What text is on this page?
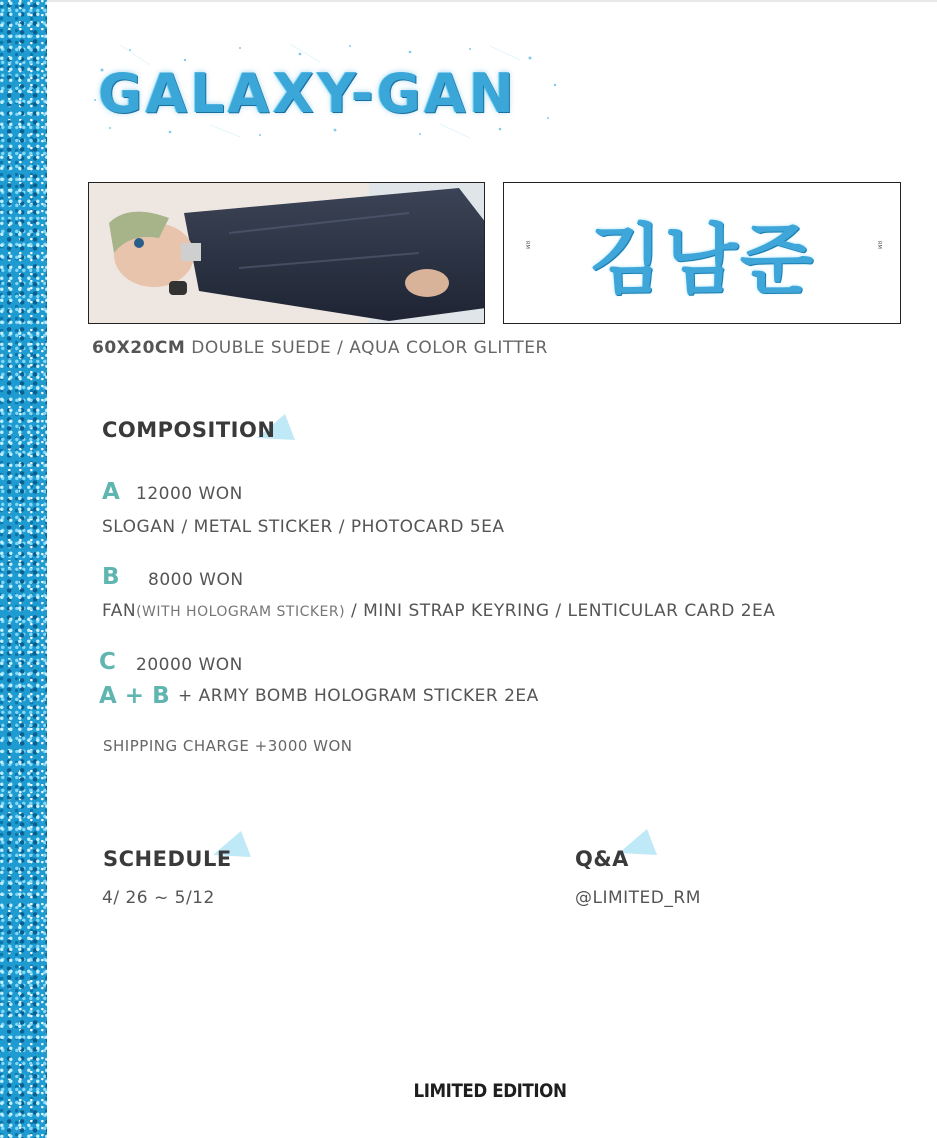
GALAXY-GAN
RM 김남준	RM
60X20CM DOUBLE SUEDE / AQUA COLOR GLITTER
COMPOSITION
A 12000 WON
SLOGAN / METAL STICKER / PHOTOCARD 5EA
B 8000 WON
FAN(WITH HOLOGRAM STICKER) / MINI STRAP KEYRING / LENTICULAR CARD 2EA
C 20000 WON
A + B + ARMY BOMB HOLOGRAM STICKER 2EA
SHIPPING CHARGE +3000 WON
SCHEDULE
4/ 26 ~ 5/12
Q&A
@LIMITED_RM
LIMITED EDITION
